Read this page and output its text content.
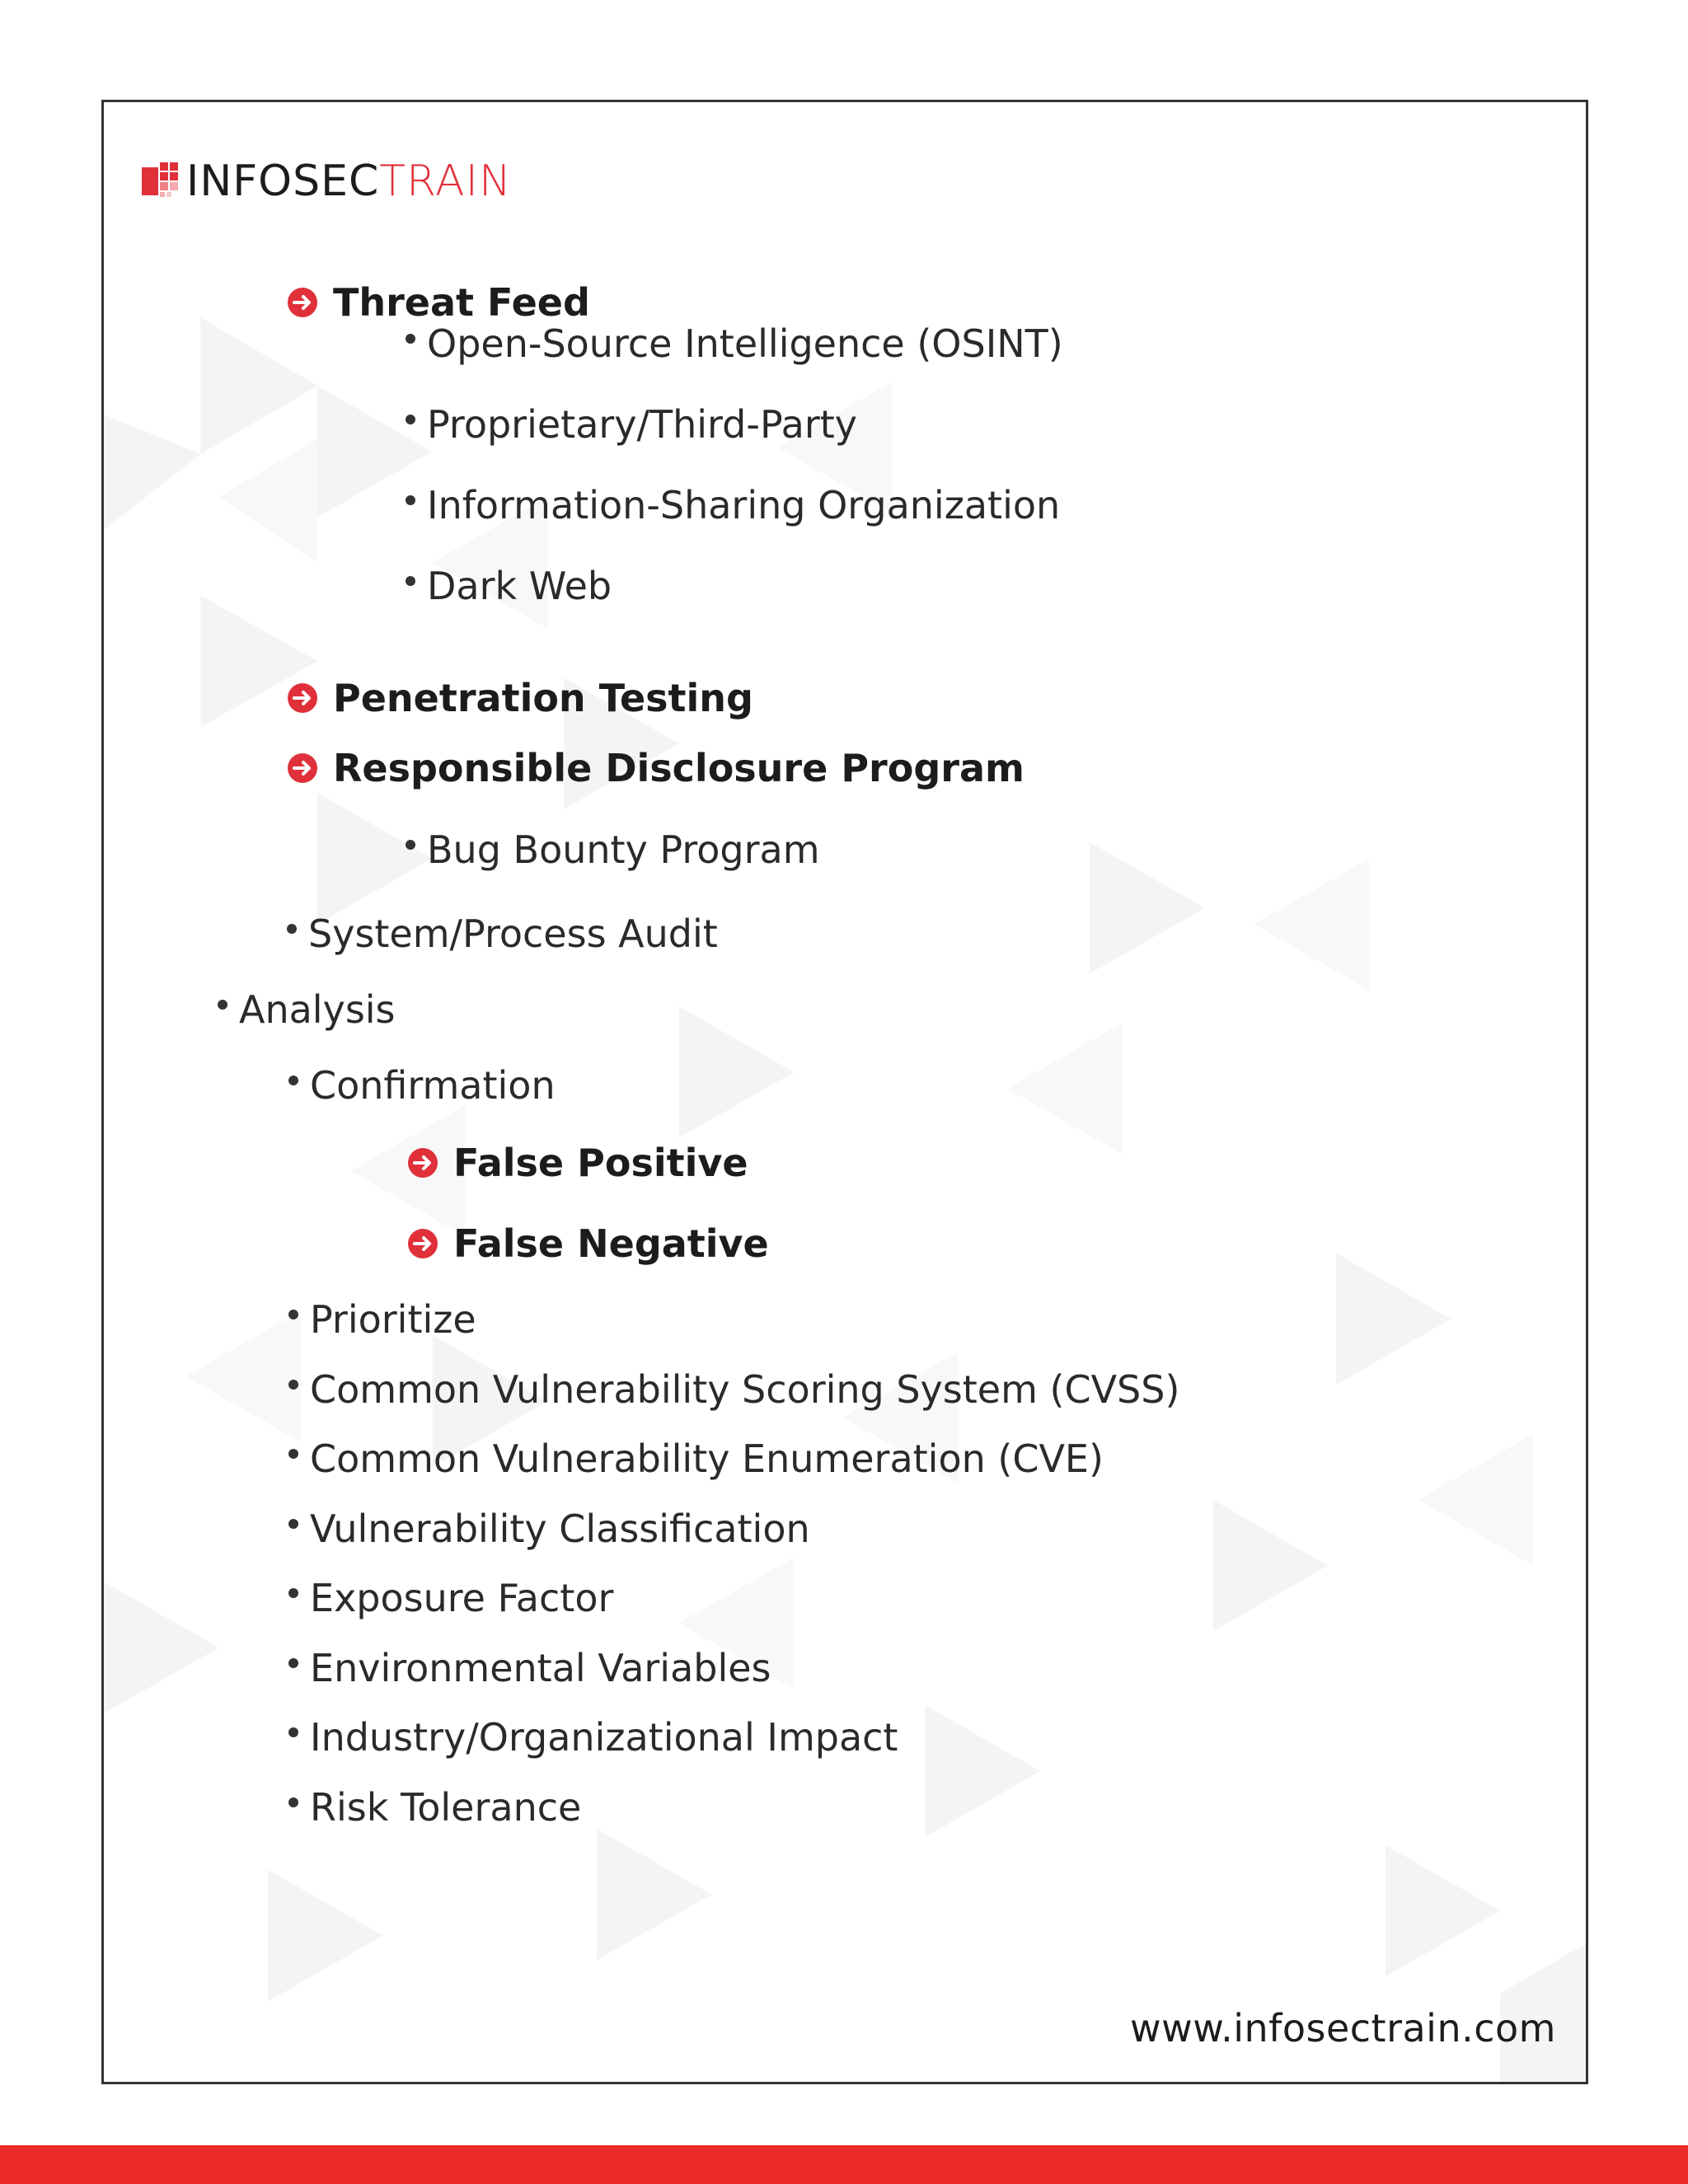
INFOSECTRAIN
Threat Feed
Open-Source Intelligence (OSINT)
Proprietary/Third-Party
Information-Sharing Organization
Dark Web
Penetration Testing
Responsible Disclosure Program
Bug Bounty Program
System/Process Audit
Analysis
Confirmation
False Positive
False Negative
Prioritize
Common Vulnerability Scoring System (CVSS)
Common Vulnerability Enumeration (CVE)
Vulnerability Classification
Exposure Factor
Environmental Variables
Industry/Organizational Impact
Risk Tolerance
www.infosectrain.com
